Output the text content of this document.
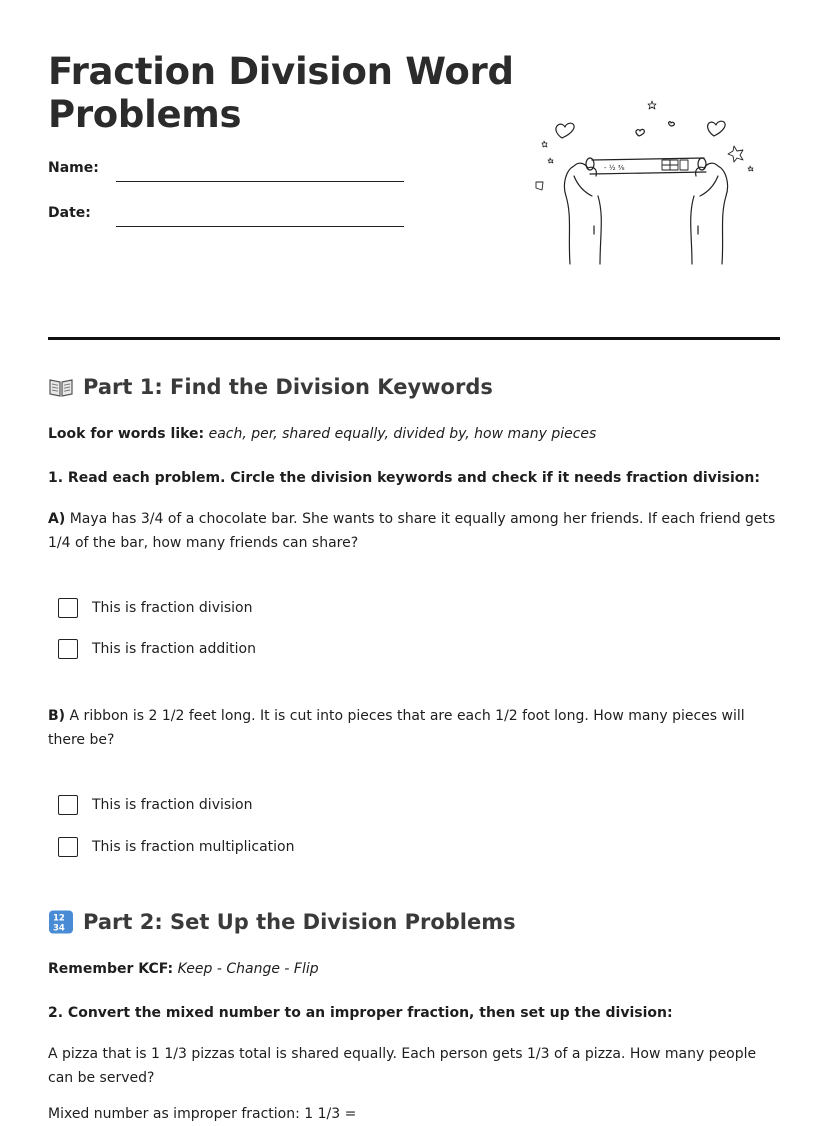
Fraction Division Word Problems
Name:
Date:
- ½ ⅜
Part 1: Find the Division Keywords
Look for words like: each, per, shared equally, divided by, how many pieces
1. Read each problem. Circle the division keywords and check if it needs fraction division:
A) Maya has 3/4 of a chocolate bar. She wants to share it equally among her friends. If each friend gets 1/4 of the bar, how many friends can share?
This is fraction division
This is fraction addition
B) A ribbon is 2 1/2 feet long. It is cut into pieces that are each 1/2 foot long. How many pieces will there be?
This is fraction division
This is fraction multiplication
12
34 Part 2: Set Up the Division Problems
Remember KCF: Keep - Change - Flip
2. Convert the mixed number to an improper fraction, then set up the division:
A pizza that is 1 1/3 pizzas total is shared equally. Each person gets 1/3 of a pizza. How many people can be served?
Mixed number as improper fraction: 1 1/3 =
